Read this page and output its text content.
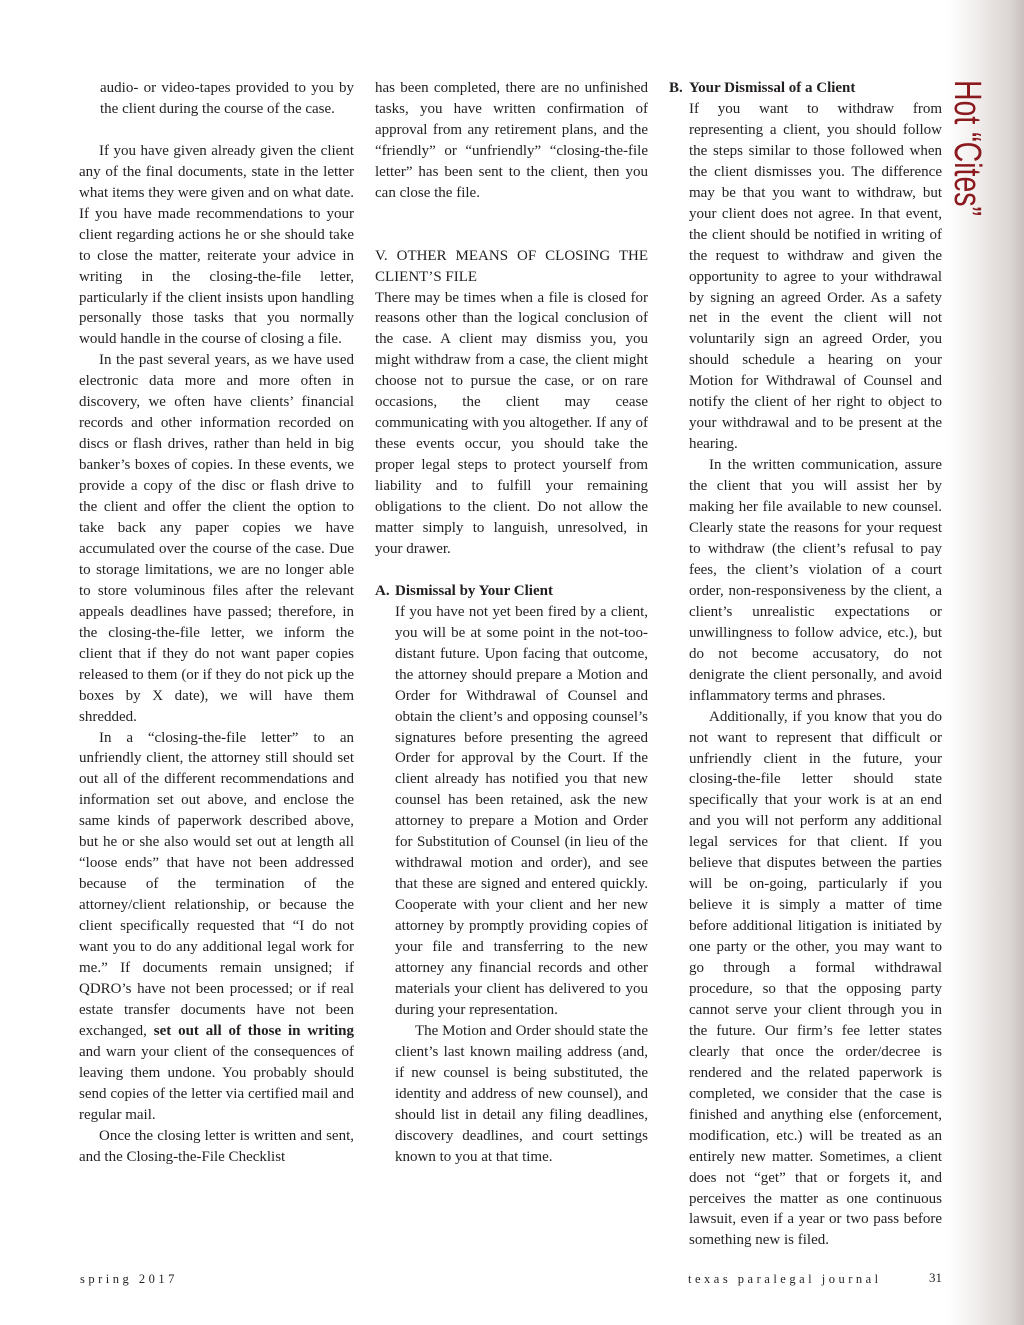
Hot “Cites”

audio- or video-tapes provided to you by the client during the course of the case.

If you have given already given the client any of the final documents, state in the letter what items they were given and on what date. If you have made recommendations to your client regarding actions he or she should take to close the matter, reiterate your advice in writing in the closing-the-file letter, particularly if the client insists upon handling personally those tasks that you normally would handle in the course of closing a file.

In the past several years, as we have used electronic data more and more often in discovery, we often have clients’ financial records and other information recorded on discs or flash drives, rather than held in big banker’s boxes of copies. In these events, we provide a copy of the disc or flash drive to the client and offer the client the option to take back any paper copies we have accumulated over the course of the case. Due to storage limitations, we are no longer able to store voluminous files after the relevant appeals deadlines have passed; therefore, in the closing-the-file letter, we inform the client that if they do not want paper copies released to them (or if they do not pick up the boxes by X date), we will have them shredded.

In a “closing-the-file letter” to an unfriendly client, the attorney still should set out all of the different recommendations and information set out above, and enclose the same kinds of paperwork described above, but he or she also would set out at length all “loose ends” that have not been addressed because of the termination of the attorney/client relationship, or because the client specifically requested that “I do not want you to do any additional legal work for me.” If documents remain unsigned; if QDRO’s have not been processed; or if real estate transfer documents have not been exchanged, set out all of those in writing and warn your client of the consequences of leaving them undone. You probably should send copies of the letter via certified mail and regular mail.

Once the closing letter is written and sent, and the Closing-the-File Checklist

has been completed, there are no unfinished tasks, you have written confirmation of approval from any retirement plans, and the “friendly” or “unfriendly” “closing-the-file letter” has been sent to the client, then you can close the file.

V. OTHER MEANS OF CLOSING THE CLIENT’S FILE

There may be times when a file is closed for reasons other than the logical conclusion of the case. A client may dismiss you, you might withdraw from a case, the client might choose not to pursue the case, or on rare occasions, the client may cease communicating with you altogether. If any of these events occur, you should take the proper legal steps to protect yourself from liability and to fulfill your remaining obligations to the client. Do not allow the matter simply to languish, unresolved, in your drawer.

A. Dismissal by Your Client

If you have not yet been fired by a client, you will be at some point in the not-too-distant future. Upon facing that outcome, the attorney should prepare a Motion and Order for Withdrawal of Counsel and obtain the client’s and opposing counsel’s signatures before presenting the agreed Order for approval by the Court. If the client already has notified you that new counsel has been retained, ask the new attorney to prepare a Motion and Order for Substitution of Counsel (in lieu of the withdrawal motion and order), and see that these are signed and entered quickly. Cooperate with your client and her new attorney by promptly providing copies of your file and transferring to the new attorney any financial records and other materials your client has delivered to you during your representation.

The Motion and Order should state the client’s last known mailing address (and, if new counsel is being substituted, the identity and address of new counsel), and should list in detail any filing deadlines, discovery deadlines, and court settings known to you at that time.

B. Your Dismissal of a Client

If you want to withdraw from representing a client, you should follow the steps similar to those followed when the client dismisses you. The difference may be that you want to withdraw, but your client does not agree. In that event, the client should be notified in writing of the request to withdraw and given the opportunity to agree to your withdrawal by signing an agreed Order. As a safety net in the event the client will not voluntarily sign an agreed Order, you should schedule a hearing on your Motion for Withdrawal of Counsel and notify the client of her right to object to your withdrawal and to be present at the hearing.

In the written communication, assure the client that you will assist her by making her file available to new counsel. Clearly state the reasons for your request to withdraw (the client’s refusal to pay fees, the client’s violation of a court order, non-responsiveness by the client, a client’s unrealistic expectations or unwillingness to follow advice, etc.), but do not become accusatory, do not denigrate the client personally, and avoid inflammatory terms and phrases.

Additionally, if you know that you do not want to represent that difficult or unfriendly client in the future, your closing-the-file letter should state specifically that your work is at an end and you will not perform any additional legal services for that client. If you believe that disputes between the parties will be on-going, particularly if you believe it is simply a matter of time before additional litigation is initiated by one party or the other, you may want to go through a formal withdrawal procedure, so that the opposing party cannot serve your client through you in the future. Our firm’s fee letter states clearly that once the order/decree is rendered and the related paperwork is completed, we consider that the case is finished and anything else (enforcement, modification, etc.) will be treated as an entirely new matter. Sometimes, a client does not “get” that or forgets it, and perceives the matter as one continuous lawsuit, even if a year or two pass before something new is filed.

spring 2017	texas paralegal journal	31
